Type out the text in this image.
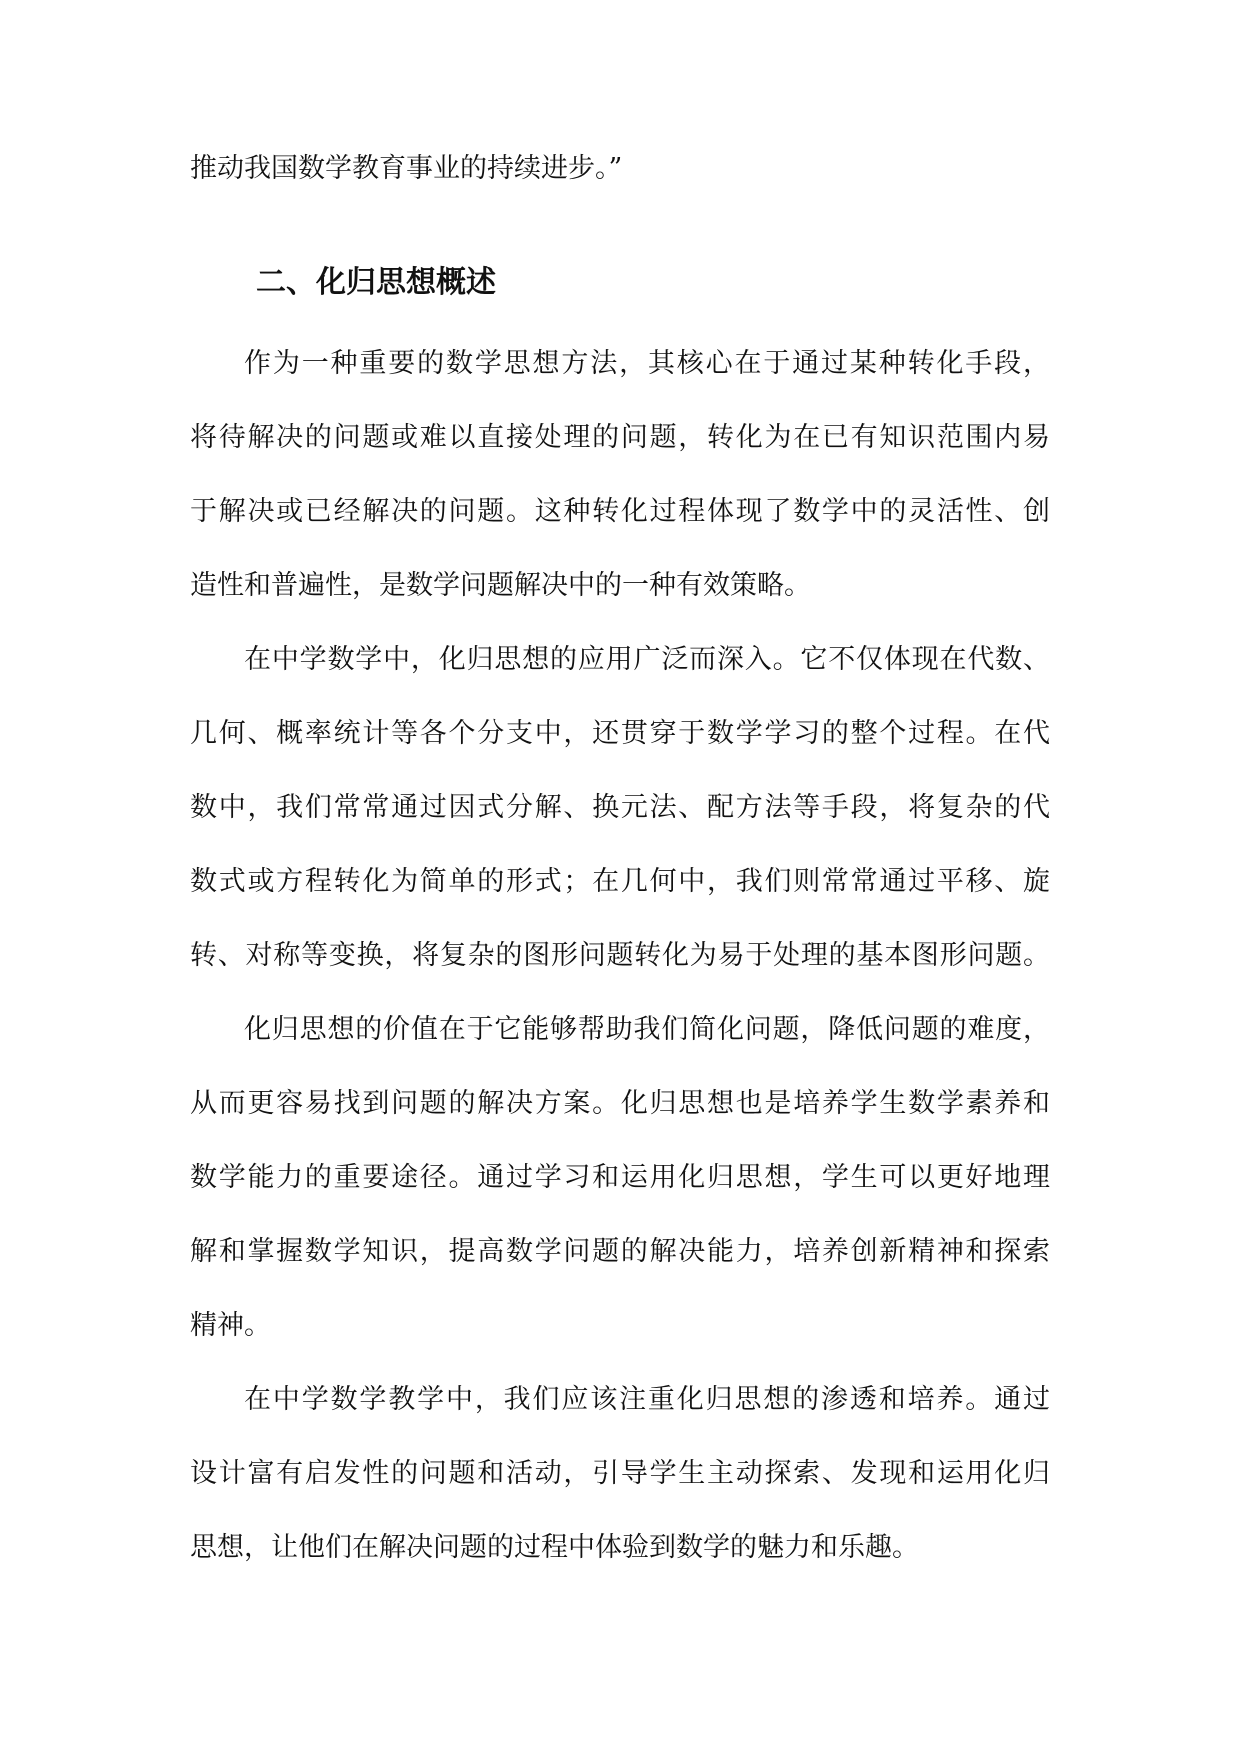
推动我国数学教育事业的持续进步。”

二、化归思想概述

作为一种重要的数学思想方法，其核心在于通过某种转化手段，

将待解决的问题或难以直接处理的问题，转化为在已有知识范围内易

于解决或已经解决的问题。这种转化过程体现了数学中的灵活性、创

造性和普遍性，是数学问题解决中的一种有效策略。

在中学数学中，化归思想的应用广泛而深入。它不仅体现在代数、

几何、概率统计等各个分支中，还贯穿于数学学习的整个过程。在代

数中，我们常常通过因式分解、换元法、配方法等手段，将复杂的代

数式或方程转化为简单的形式；在几何中，我们则常常通过平移、旋

转、对称等变换，将复杂的图形问题转化为易于处理的基本图形问题。

化归思想的价值在于它能够帮助我们简化问题，降低问题的难度，

从而更容易找到问题的解决方案。化归思想也是培养学生数学素养和

数学能力的重要途径。通过学习和运用化归思想，学生可以更好地理

解和掌握数学知识，提高数学问题的解决能力，培养创新精神和探索

精神。

在中学数学教学中，我们应该注重化归思想的渗透和培养。通过

设计富有启发性的问题和活动，引导学生主动探索、发现和运用化归

思想，让他们在解决问题的过程中体验到数学的魅力和乐趣。
